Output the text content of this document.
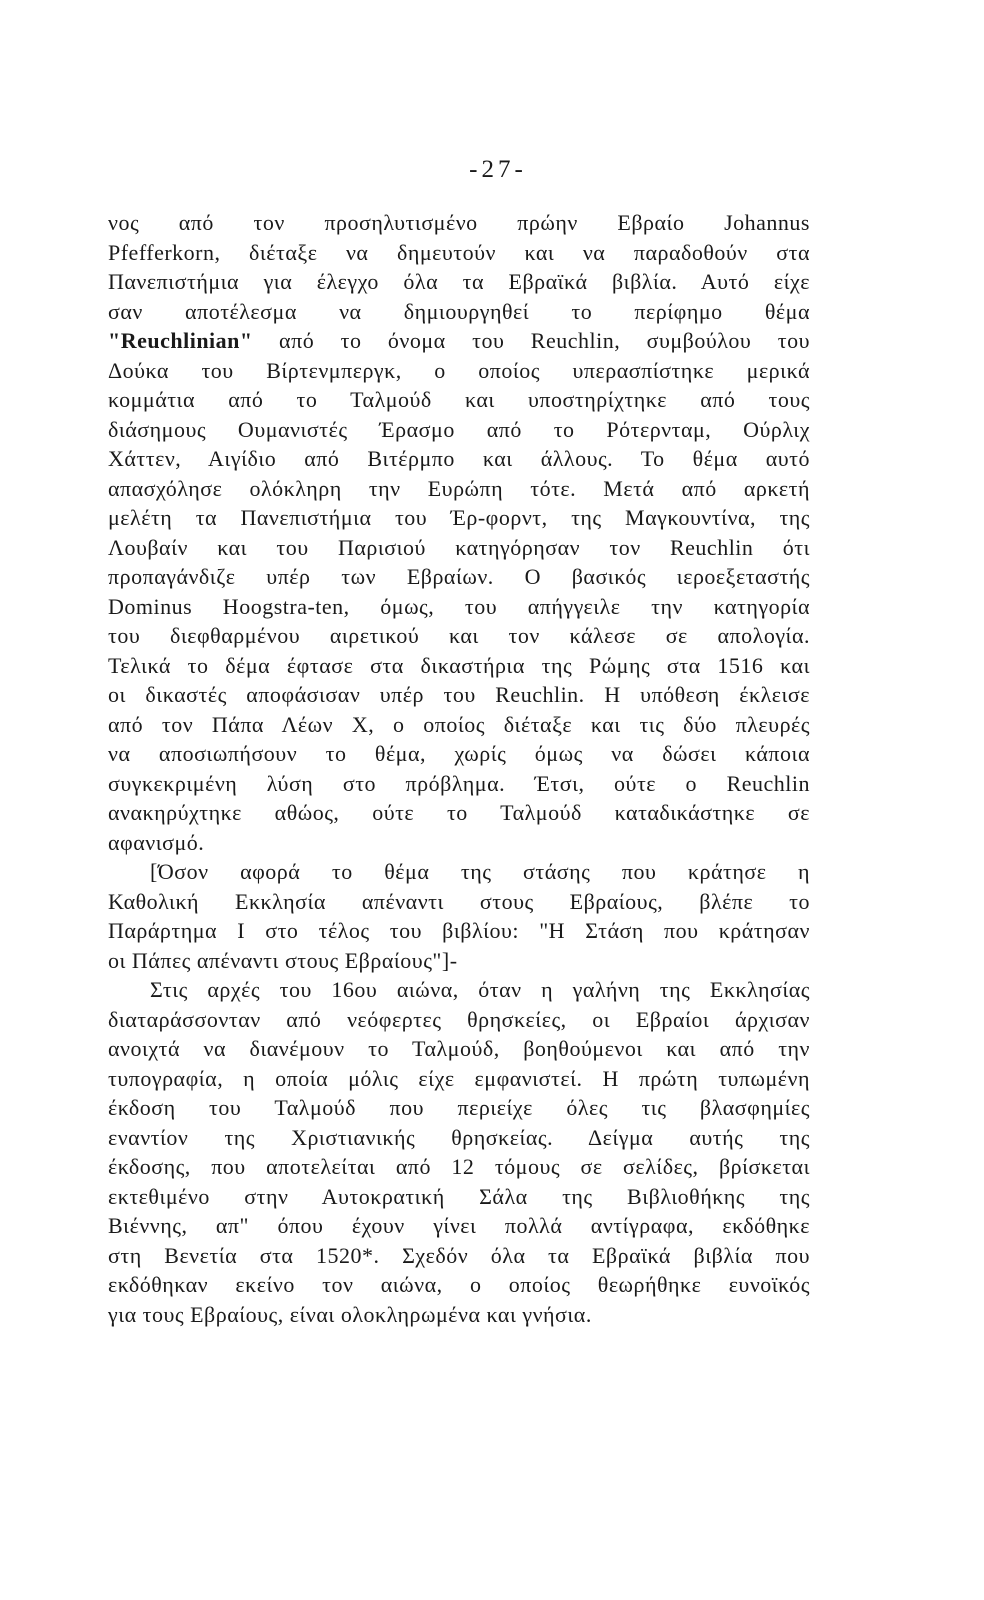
-27-
νος από τον προσηλυτισμένο πρώην Εβραίο Johannus
Pfefferkorn, διέταξε να δημευτούν και να παραδοθούν στα
Πανεπιστήμια για έλεγχο όλα τα Εβραϊκά βιβλία. Αυτό είχε
σαν αποτέλεσμα να δημιουργηθεί το περίφημο θέμα
"Reuchlinian" από το όνομα του Reuchlin, συμβούλου του
Δούκα του Βίρτενμπεργκ, ο οποίος υπερασπίστηκε μερικά
κομμάτια από το Ταλμούδ και υποστηρίχτηκε από τους
διάσημους Ουμανιστές Έρασμο από το Ρότερνταμ, Ούρλιχ
Χάττεν, Αιγίδιο από Βιτέρμπο και άλλους. Το θέμα αυτό
απασχόλησε ολόκληρη την Ευρώπη τότε. Μετά από αρκετή
μελέτη τα Πανεπιστήμια του Έρ-φορντ, της Μαγκουντίνα, της
Λουβαίν και του Παρισιού κατηγόρησαν τον Reuchlin ότι
προπαγάνδιζε υπέρ των Εβραίων. Ο βασικός ιεροεξεταστής
Dominus Hoogstra-ten, όμως, του απήγγειλε την κατηγορία
του διεφθαρμένου αιρετικού και τον κάλεσε σε απολογία.
Τελικά το δέμα έφτασε στα δικαστήρια της Ρώμης στα 1516 και
οι δικαστές αποφάσισαν υπέρ του Reuchlin. Η υπόθεση έκλεισε
από τον Πάπα Λέων Χ, ο οποίος διέταξε και τις δύο πλευρές
να αποσιωπήσουν το θέμα, χωρίς όμως να δώσει κάποια
συγκεκριμένη λύση στο πρόβλημα. Έτσι, ούτε ο Reuchlin
ανακηρύχτηκε αθώος, ούτε το Ταλμούδ καταδικάστηκε σε
αφανισμό.
[Όσον αφορά το θέμα της στάσης που κράτησε η
Καθολική Εκκλησία απέναντι στους Εβραίους, βλέπε το
Παράρτημα Ι στο τέλος του βιβλίου: "Η Στάση που κράτησαν
οι Πάπες απέναντι στους Εβραίους"]-
Στις αρχές του 16ου αιώνα, όταν η γαλήνη της Εκκλησίας
διαταράσσονταν από νεόφερτες θρησκείες, οι Εβραίοι άρχισαν
ανοιχτά να διανέμουν το Ταλμούδ, βοηθούμενοι και από την
τυπογραφία, η οποία μόλις είχε εμφανιστεί. Η πρώτη τυπωμένη
έκδοση του Ταλμούδ που περιείχε όλες τις βλασφημίες
εναντίον της Χριστιανικής θρησκείας. Δείγμα αυτής της
έκδοσης, που αποτελείται από 12 τόμους σε σελίδες, βρίσκεται
εκτεθιμένο στην Αυτοκρατική Σάλα της Βιβλιοθήκης της
Βιέννης, απ" όπου έχουν γίνει πολλά αντίγραφα, εκδόθηκε
στη Βενετία στα 1520*. Σχεδόν όλα τα Εβραϊκά βιβλία που
εκδόθηκαν εκείνο τον αιώνα, ο οποίος θεωρήθηκε ευνοϊκός
για τους Εβραίους, είναι ολοκληρωμένα και γνήσια.
